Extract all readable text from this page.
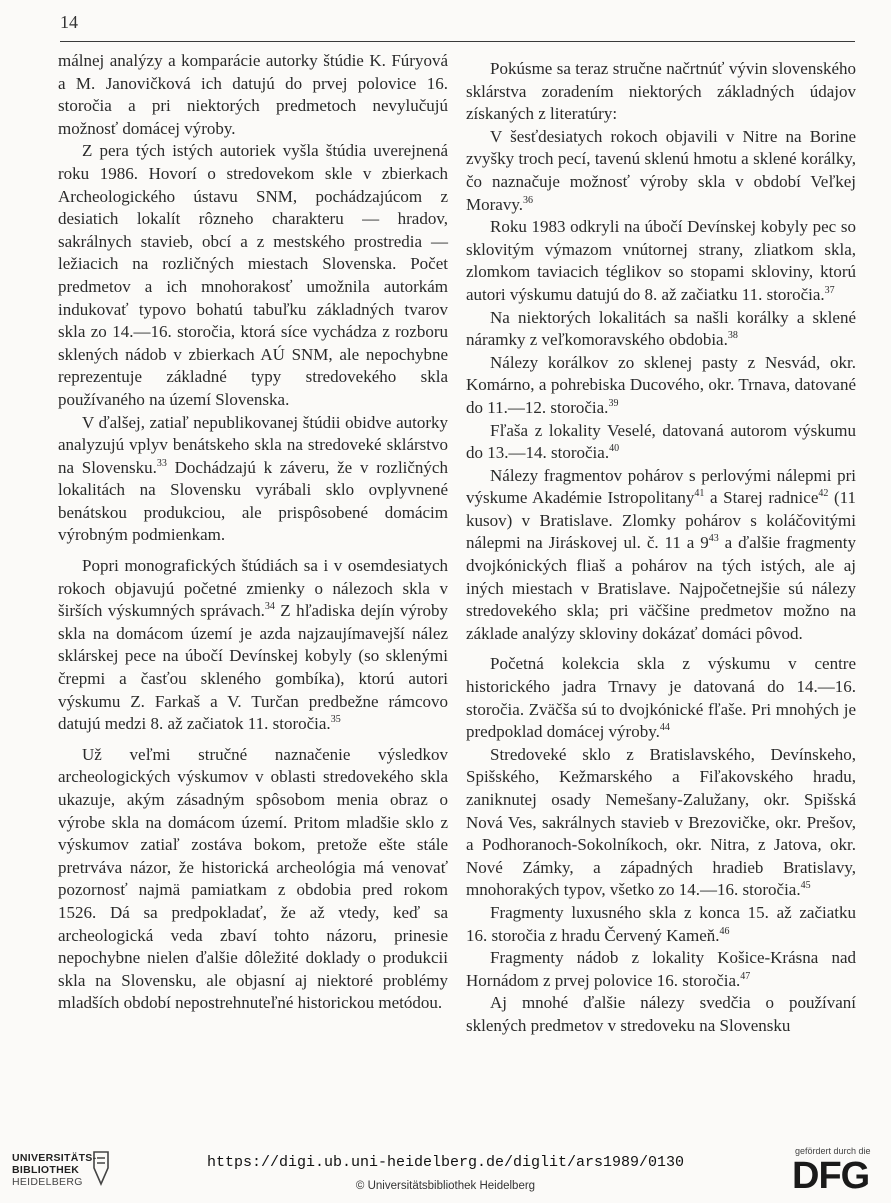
14

málnej analýzy a komparácie autorky štúdie K. Fúryová a M. Janovičková ich datujú do prvej polovice 16. storočia a pri niektorých predmetoch nevylučujú možnosť domácej výroby.

Z pera tých istých autoriek vyšla štúdia uverejnená roku 1986. Hovorí o stredovekom skle v zbierkach Archeologického ústavu SNM, pochádzajúcom z desiatich lokalít rôzneho charakteru — hradov, sakrálnych stavieb, obcí a z mestského prostredia — ležiacich na rozličných miestach Slovenska. Počet predmetov a ich mnohorakosť umožnila autorkám indukovať typovo bohatú tabuľku základných tvarov skla zo 14.—16. storočia, ktorá síce vychádza z rozboru sklených nádob v zbierkach AÚ SNM, ale nepochybne reprezentuje základné typy stredovekého skla používaného na území Slovenska.

V ďalšej, zatiaľ nepublikovanej štúdii obidve autorky analyzujú vplyv benátskeho skla na stredoveké sklárstvo na Slovensku.$^{33}$ Dochádzajú k záveru, že v rozličných lokalitách na Slovensku vyrábali sklo ovplyvnené benátskou produkciou, ale prispôsobené domácim výrobným podmienkam.

Popri monografických štúdiách sa i v osemdesiatych rokoch objavujú početné zmienky o nálezoch skla v širších výskumných správach.$^{34}$ Z hľadiska dejín výroby skla na domácom území je azda najzaujímavejší nález sklárskej pece na úbočí Devínskej kobyly (so sklenými črepmi a časťou skleného gombíka), ktorú autori výskumu Z. Farkaš a V. Turčan predbežne rámcovo datujú medzi 8. až začiatok 11. storočia.$^{35}$

Už veľmi stručné naznačenie výsledkov archeologických výskumov v oblasti stredovekého skla ukazuje, akým zásadným spôsobom menia obraz o výrobe skla na domácom území. Pritom mladšie sklo z výskumov zatiaľ zostáva bokom, pretože ešte stále pretrváva názor, že historická archeológia má venovať pozornosť najmä pamiatkam z obdobia pred rokom 1526. Dá sa predpokladať, že až vtedy, keď sa archeologická veda zbaví tohto názoru, prinesie nepochybne nielen ďalšie dôležité doklady o produkcii skla na Slovensku, ale objasní aj niektoré problémy mladších období nepostrehnuteľné historickou metódou.

Pokúsme sa teraz stručne načrtnúť vývin slovenského sklárstva zoradením niektorých základných údajov získaných z literatúry:

V šesťdesiatych rokoch objavili v Nitre na Borine zvyšky troch pecí, tavenú sklenú hmotu a sklené korálky, čo naznačuje možnosť výroby skla v období Veľkej Moravy.$^{36}$

Roku 1983 odkryli na úbočí Devínskej kobyly pec so sklovitým výmazom vnútornej strany, zliatkom skla, zlomkom taviacich téglikov so stopami skloviny, ktorú autori výskumu datujú do 8. až začiatku 11. storočia.$^{37}$

Na niektorých lokalitách sa našli korálky a sklené náramky z veľkomoravského obdobia.$^{38}$

Nálezy korálkov zo sklenej pasty z Nesvád, okr. Komárno, a pohrebiska Ducového, okr. Trnava, datované do 11.—12. storočia.$^{39}$

Fľaša z lokality Veselé, datovaná autorom výskumu do 13.—14. storočia.$^{40}$

Nálezy fragmentov pohárov s perlovými nálepmi pri výskume Akadémie Istropolitany$^{41}$ a Starej radnice$^{42}$ (11 kusov) v Bratislave. Zlomky pohárov s koláčovitými nálepmi na Jiráskovej ul. č. 11 a $9^{43}$ a ďalšie fragmenty dvojkónických fliaš a pohárov na tých istých, ale aj iných miestach v Bratislave. Najpočetnejšie sú nálezy stredovekého skla; pri väčšine predmetov možno na základe analýzy skloviny dokázať domáci pôvod.

Početná kolekcia skla z výskumu v centre historického jadra Trnavy je datovaná do 14.—16. storočia. Zväčša sú to dvojkónické fľaše. Pri mnohých je predpoklad domácej výroby.$^{44}$

Stredoveké sklo z Bratislavského, Devínskeho, Spišského, Kežmarského a Fiľakovského hradu, zaniknutej osady Nemešany-Zalužany, okr. Spišská Nová Ves, sakrálnych stavieb v Brezovičke, okr. Prešov, a Podhoranoch-Sokolníkoch, okr. Nitra, z Jatova, okr. Nové Zámky, a západných hradieb Bratislavy, mnohorakých typov, všetko zo 14.—16. storočia.$^{45}$

Fragmenty luxusného skla z konca 15. až začiatku 16. storočia z hradu Červený Kameň.$^{46}$

Fragmenty nádob z lokality Košice-Krásna nad Hornádom z prvej polovice 16. storočia.$^{47}$

Aj mnohé ďalšie nálezy svedčia o používaní sklených predmetov v stredoveku na Slovensku

UNIVERSITÄTS-
BIBLIOTHEK
HEIDELBERG
https://digi.ub.uni-heidelberg.de/diglit/ars1989/0130
© Universitätsbibliothek Heidelberg
gefördert durch die
DFG
